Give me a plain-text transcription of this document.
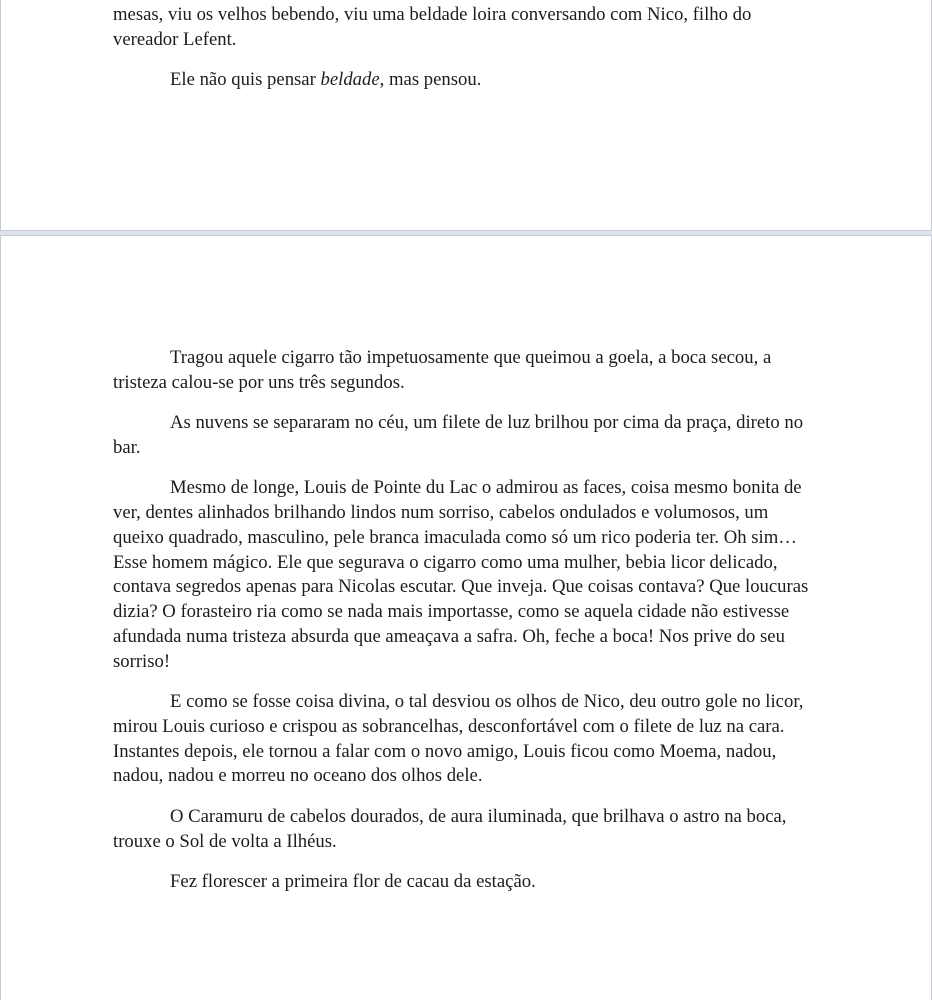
mesas, viu os velhos bebendo, viu uma beldade loira conversando com Nico, filho do vereador Lefent.

Ele não quis pensar beldade, mas pensou.

Tragou aquele cigarro tão impetuosamente que queimou a goela, a boca secou, a tristeza calou-se por uns três segundos.

As nuvens se separaram no céu, um filete de luz brilhou por cima da praça, direto no bar.

Mesmo de longe, Louis de Pointe du Lac o admirou as faces, coisa mesmo bonita de ver, dentes alinhados brilhando lindos num sorriso, cabelos ondulados e volumosos, um queixo quadrado, masculino, pele branca imaculada como só um rico poderia ter. Oh sim… Esse homem mágico. Ele que segurava o cigarro como uma mulher, bebia licor delicado, contava segredos apenas para Nicolas escutar. Que inveja. Que coisas contava? Que loucuras dizia? O forasteiro ria como se nada mais importasse, como se aquela cidade não estivesse afundada numa tristeza absurda que ameaçava a safra. Oh, feche a boca! Nos prive do seu sorriso!

E como se fosse coisa divina, o tal desviou os olhos de Nico, deu outro gole no licor, mirou Louis curioso e crispou as sobrancelhas, desconfortável com o filete de luz na cara. Instantes depois, ele tornou a falar com o novo amigo, Louis ficou como Moema, nadou, nadou, nadou e morreu no oceano dos olhos dele.

O Caramuru de cabelos dourados, de aura iluminada, que brilhava o astro na boca, trouxe o Sol de volta a Ilhéus.

Fez florescer a primeira flor de cacau da estação.
